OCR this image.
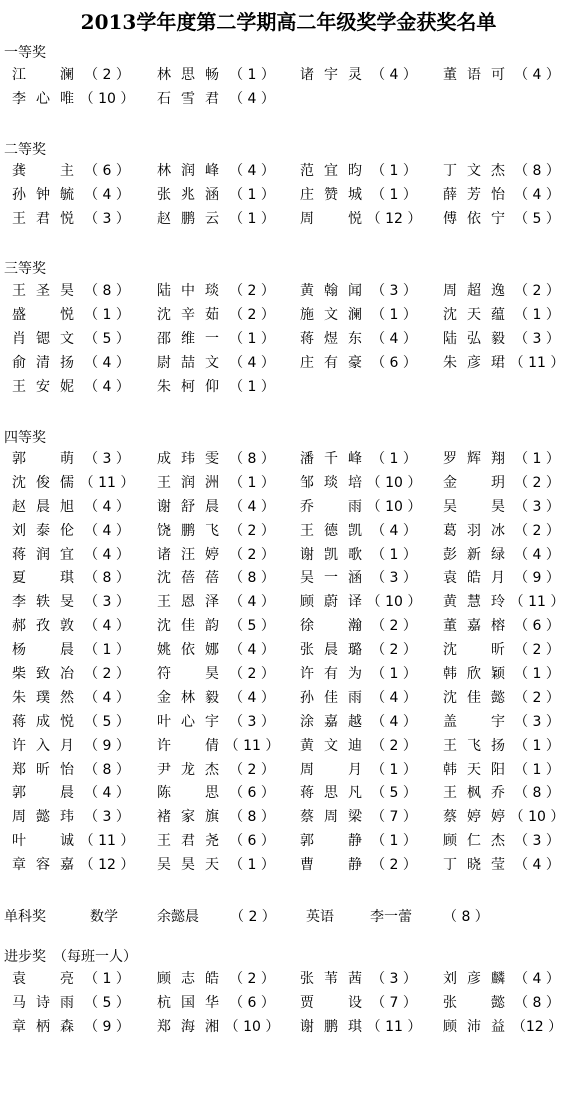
2013学年度第二学期高二年级奖学金获奖名单
一等奖
江　澜 （ 2 ）	林思畅 （ 1 ）	诸宇灵 （ 4 ）	董语可 （ 4 ）
李心唯 （ 10 ）	石雪君 （ 4 ）
二等奖
龚　主 （ 6 ）	林润峰 （ 4 ）	范宜昀 （ 1 ）	丁文杰 （ 8 ）
孙钟毓 （ 4 ）	张兆涵 （ 1 ）	庄赞城 （ 1 ）	薛芳怡 （ 4 ）
王君悦 （ 3 ）	赵鹏云 （ 1 ）	周　悦 （ 12 ）	傅依宁 （ 5 ）
三等奖
王圣昊 （ 8 ）	陆中琰 （ 2 ）	黄翰闻 （ 3 ）	周超逸 （ 2 ）
盛　悦 （ 1 ）	沈辛茹 （ 2 ）	施文澜 （ 1 ）	沈天蕴 （ 1 ）
肖锶文 （ 5 ）	邵维一 （ 1 ）	蒋煜东 （ 4 ）	陆弘毅 （ 3 ）
俞清扬 （ 4 ）	尉喆文 （ 4 ）	庄有豪 （ 6 ）	朱彦珺 （ 11 ）
王安妮 （ 4 ）	朱柯仰 （ 1 ）
四等奖
郭　萌 （ 3 ）	成玮雯 （ 8 ）	潘千峰 （ 1 ）	罗辉翔 （ 1 ）
沈俊儒 （ 11 ）	王润洲 （ 1 ）	邹琰培 （ 10 ）	金　玥 （ 2 ）
赵晨旭 （ 4 ）	谢舒晨 （ 4 ）	乔　雨 （ 10 ）	吴　昊 （ 3 ）
刘泰伦 （ 4 ）	饶鹏飞 （ 2 ）	王德凯 （ 4 ）	葛羽冰 （ 2 ）
蒋润宜 （ 4 ）	诸汪婷 （ 2 ）	谢凯歌 （ 1 ）	彭新绿 （ 4 ）
夏　琪 （ 8 ）	沈蓓蓓 （ 8 ）	吴一涵 （ 3 ）	袁皓月 （ 9 ）
李轶旻 （ 3 ）	王恩泽 （ 4 ）	顾蔚译 （ 10 ）	黄慧玲 （ 11 ）
郝孜敦 （ 4 ）	沈佳韵 （ 5 ）	徐　瀚 （ 2 ）	董嘉榕 （ 6 ）
杨　晨 （ 1 ）	姚依娜 （ 4 ）	张晨璐 （ 2 ）	沈　昕 （ 2 ）
柴致冶 （ 2 ）	符　昊 （ 2 ）	许有为 （ 1 ）	韩欣颖 （ 1 ）
朱璞然 （ 4 ）	金林毅 （ 4 ）	孙佳雨 （ 4 ）	沈佳懿 （ 2 ）
蒋成悦 （ 5 ）	叶心宇 （ 3 ）	涂嘉越 （ 4 ）	盖　宇 （ 3 ）
许入月 （ 9 ）	许　倩 （ 11 ）	黄文迪 （ 2 ）	王飞扬 （ 1 ）
郑昕怡 （ 8 ）	尹龙杰 （ 2 ）	周　月 （ 1 ）	韩天阳 （ 1 ）
郭　晨 （ 4 ）	陈　思 （ 6 ）	蒋思凡 （ 5 ）	王枫乔 （ 8 ）
周懿玮 （ 3 ）	褚家旗 （ 8 ）	蔡周梁 （ 7 ）	蔡婷婷 （ 10 ）
叶　诚 （ 11 ）	王君尧 （ 6 ）	郭　静 （ 1 ）	顾仁杰 （ 3 ）
章容嘉 （ 12 ）	吴昊天 （ 1 ）	曹　静 （ 2 ）	丁晓莹 （ 4 ）
进步奖　（每班一人）
袁　亮 （ 1 ）	顾志皓 （ 2 ）	张苇茜 （ 3 ）	刘彦麟 （ 4 ）
马诗雨 （ 5 ）	杭国华 （ 6 ）	贾　设 （ 7 ）	张　懿 （ 8 ）
章柄森 （ 9 ）	郑海湘 （ 10 ）	谢鹏琪 （ 11 ）	顾沛益 （12 ）
单科奖	数学	余懿晨 （ 2 ） 英语	李一蕾 （ 8 ）
